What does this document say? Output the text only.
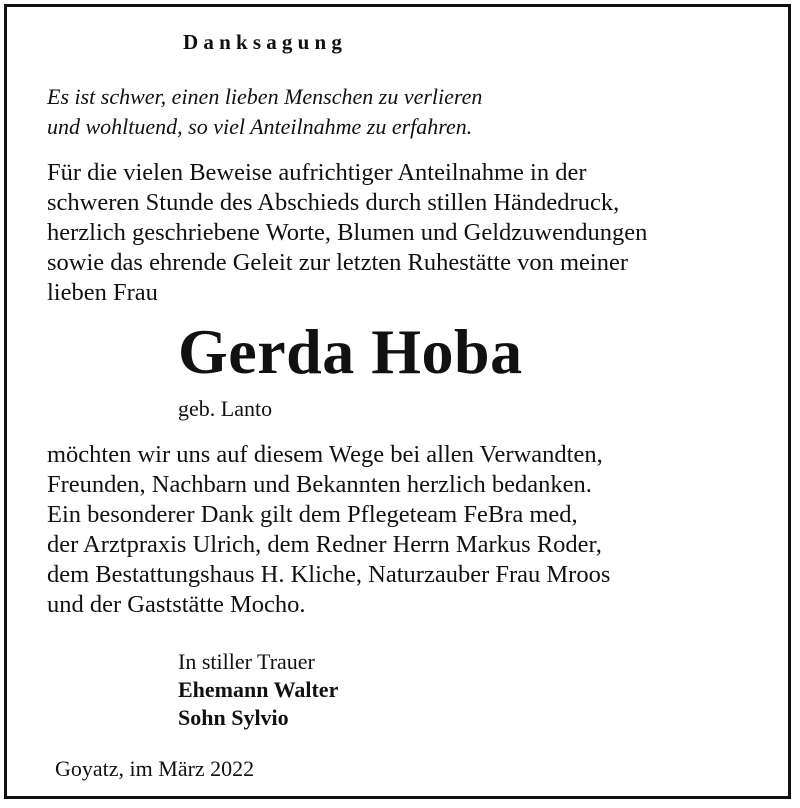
Danksagung
Es ist schwer, einen lieben Menschen zu verlieren
und wohltuend, so viel Anteilnahme zu erfahren.
Für die vielen Beweise aufrichtiger Anteilnahme in der
schweren Stunde des Abschieds durch stillen Händedruck,
herzlich geschriebene Worte, Blumen und Geldzuwendungen
sowie das ehrende Geleit zur letzten Ruhestätte von meiner
lieben Frau
Gerda Hoba
geb. Lanto
möchten wir uns auf diesem Wege bei allen Verwandten,
Freunden, Nachbarn und Bekannten herzlich bedanken.
Ein besonderer Dank gilt dem Pflegeteam FeBra med,
der Arztpraxis Ulrich, dem Redner Herrn Markus Roder,
dem Bestattungshaus H. Kliche, Naturzauber Frau Mroos
und der Gaststätte Mocho.
In stiller Trauer
Ehemann Walter
Sohn Sylvio
Goyatz, im März 2022
